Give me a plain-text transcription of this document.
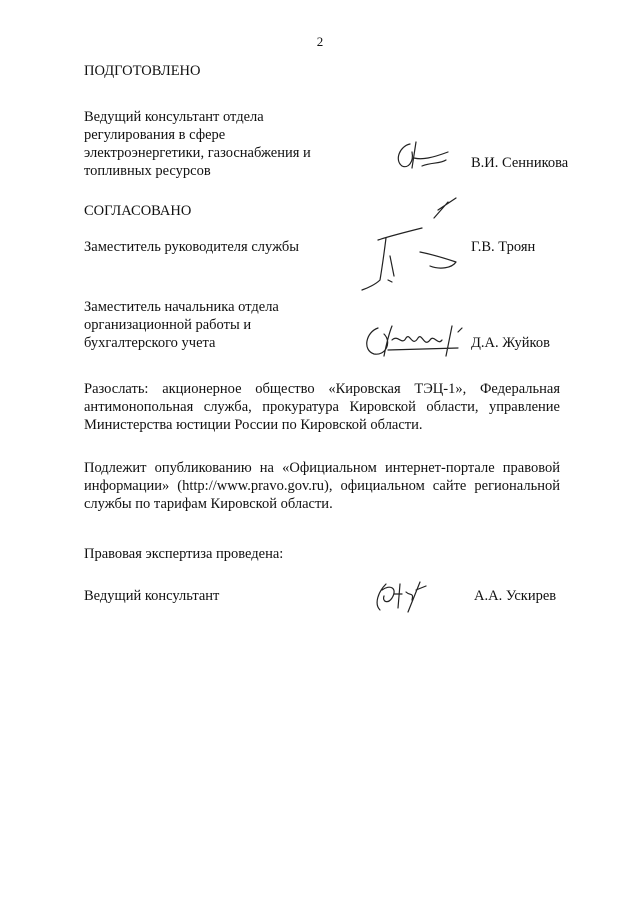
2
ПОДГОТОВЛЕНО
Ведущий консультант отдела
регулирования в сфере
электроэнергетики, газоснабжения и
топливных ресурсов	В.И. Сенникова
СОГЛАСОВАНО
Заместитель руководителя службы	Г.В. Троян
Заместитель начальника отдела
организационной работы и
бухгалтерского учета	Д.А. Жуйков
Разослать: акционерное общество «Кировская ТЭЦ-1», Федеральная
антимонопольная служба, прокуратура Кировской области, управление
Министерства юстиции России по Кировской области.
Подлежит опубликованию на «Официальном интернет-портале правовой
информации» (http://www.pravo.gov.ru), официальном сайте региональной
службы по тарифам Кировской области.
Правовая экспертиза проведена:
Ведущий консультант	А.А. Ускирев
